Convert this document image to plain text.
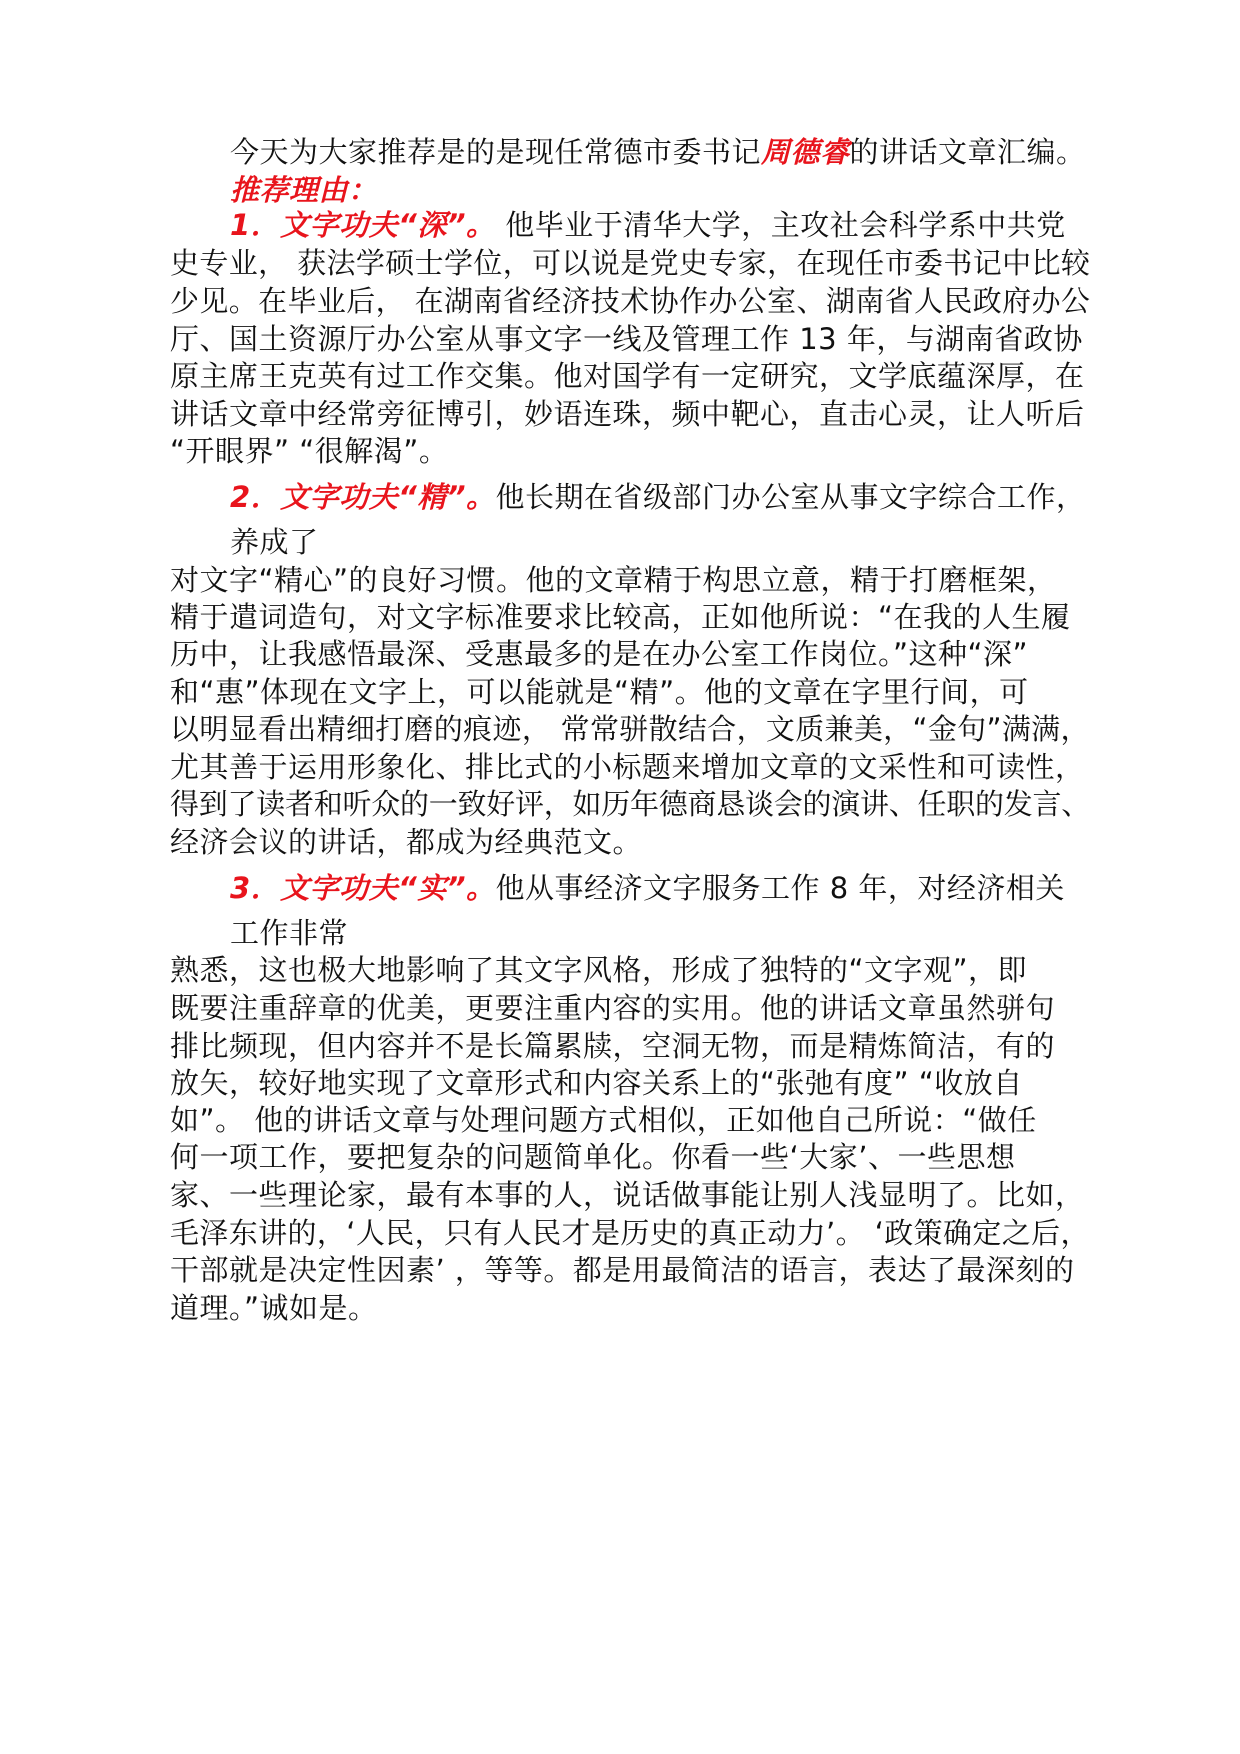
今天为大家推荐是的是现任常德市委书记周德睿的讲话文章汇编。
推荐理由：
1．文字功夫“深”。 他毕业于清华大学，主攻社会科学系中共党
史专业， 获法学硕士学位，可以说是党史专家，在现任市委书记中比较
少见。在毕业后， 在湖南省经济技术协作办公室、湖南省人民政府办公
厅、国土资源厅办公室从事文字一线及管理工作 13 年，与湖南省政协
原主席王克英有过工作交集。他对国学有一定研究，文学底蕴深厚，在
讲话文章中经常旁征博引，妙语连珠，频中靶心，直击心灵，让人听后
“开眼界” “很解渴”。
2．文字功夫“精”。他长期在省级部门办公室从事文字综合工作，
养成了
对文字“精心”的良好习惯。他的文章精于构思立意，精于打磨框架，
精于遣词造句，对文字标准要求比较高，正如他所说：“在我的人生履
历中，让我感悟最深、受惠最多的是在办公室工作岗位。”这种“深”
和“惠”体现在文字上，可以能就是“精”。他的文章在字里行间，可
以明显看出精细打磨的痕迹， 常常骈散结合，文质兼美，“金句”满满，
尤其善于运用形象化、排比式的小标题来增加文章的文采性和可读性，
得到了读者和听众的一致好评，如历年德商恳谈会的演讲、任职的发言、
经济会议的讲话，都成为经典范文。
3．文字功夫“实”。他从事经济文字服务工作 8 年，对经济相关
工作非常
熟悉，这也极大地影响了其文字风格，形成了独特的“文字观”，即
既要注重辞章的优美，更要注重内容的实用。他的讲话文章虽然骈句
排比频现，但内容并不是长篇累牍，空洞无物，而是精炼简洁，有的
放矢，较好地实现了文章形式和内容关系上的“张弛有度” “收放自
如”。 他的讲话文章与处理问题方式相似，正如他自己所说：“做任
何一项工作，要把复杂的问题简单化。你看一些‘大家’、一些思想
家、一些理论家，最有本事的人，说话做事能让别人浅显明了。比如，
毛泽东讲的，‘人民，只有人民才是历史的真正动力’。 ‘政策确定之后，
干部就是决定性因素’ ，等等。都是用最简洁的语言，表达了最深刻的
道理。”诚如是。
